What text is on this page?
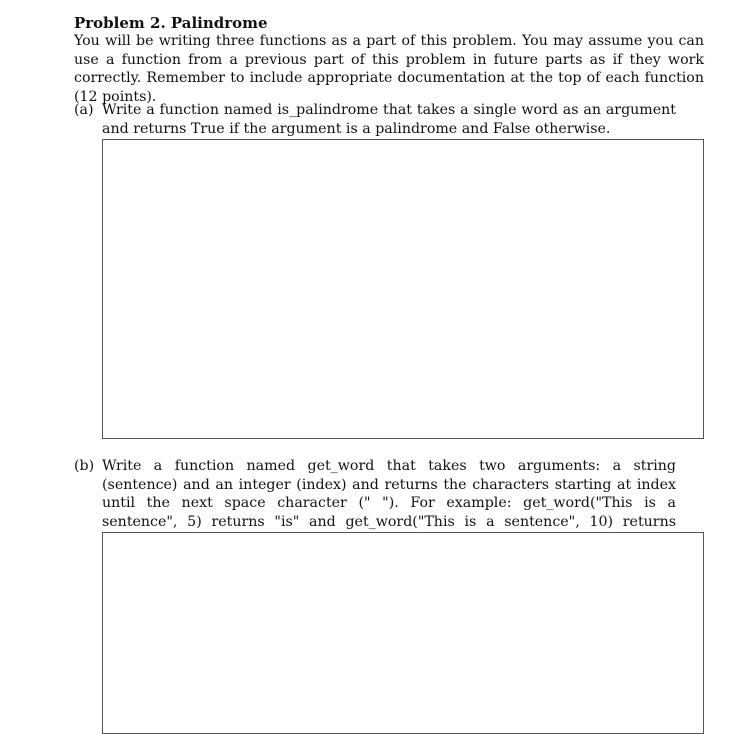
Problem 2. Palindrome

You will be writing three functions as a part of this problem. You may assume you can use a function from a previous part of this problem in future parts as if they work correctly. Remember to include appropriate documentation at the top of each function (12 points).

(a) Write a function named is_palindrome that takes a single word as an argument and returns True if the argument is a palindrome and False otherwise.
(b) Write a function named get_word that takes two arguments: a string (sentence) and an integer (index) and returns the characters starting at index until the next space character (" "). For example: get_word("This is a sentence", 5) returns "is" and get_word("This is a sentence", 10) returns
